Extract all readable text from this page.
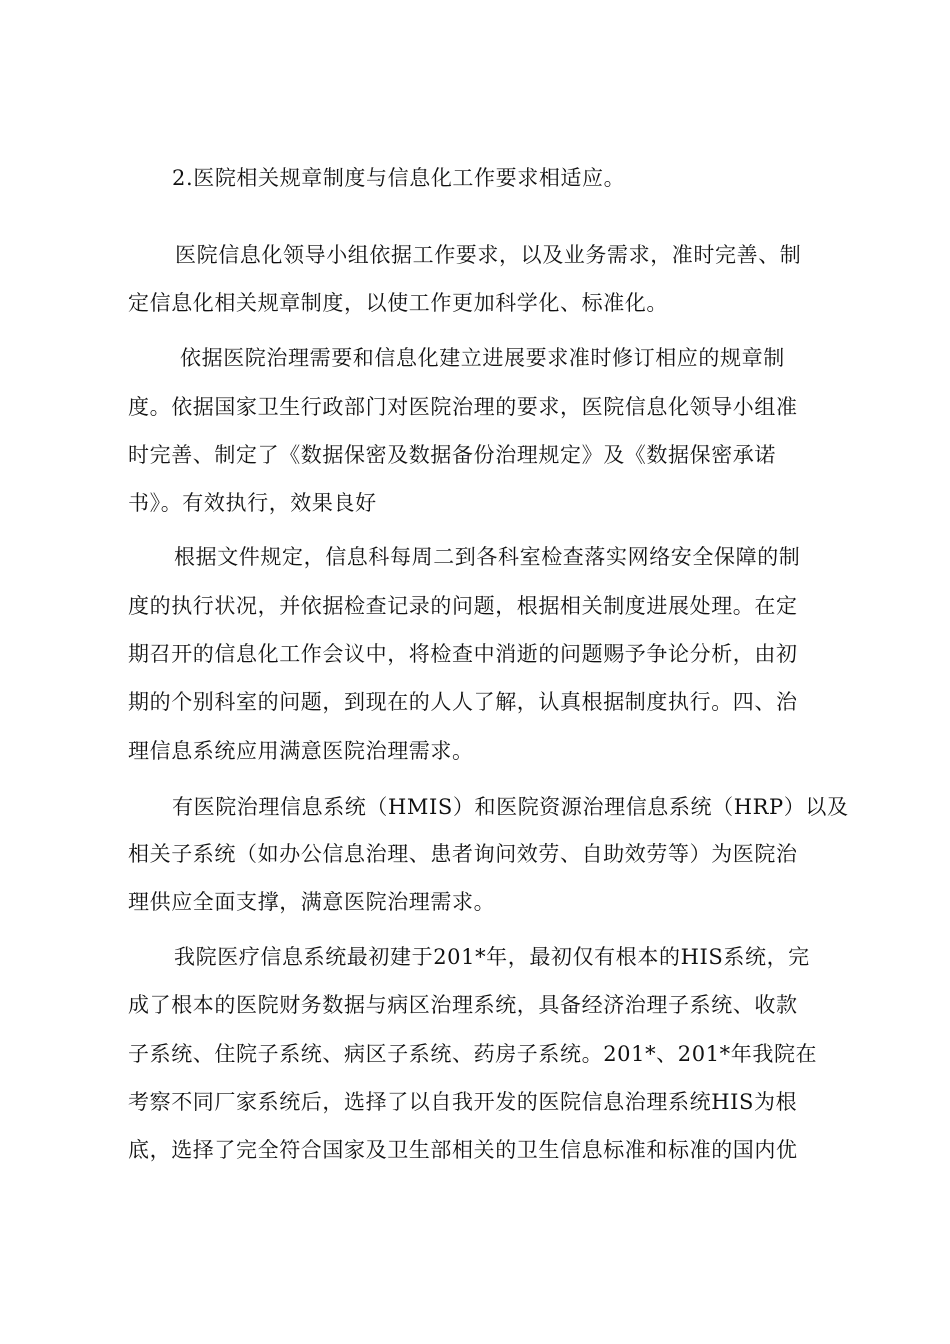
2.医院相关规章制度与信息化工作要求相适应。
医院信息化领导小组依据工作要求，以及业务需求，准时完善、制
定信息化相关规章制度，以使工作更加科学化、标准化。
依据医院治理需要和信息化建立进展要求准时修订相应的规章制
度。依据国家卫生行政部门对医院治理的要求，医院信息化领导小组准
时完善、制定了《数据保密及数据备份治理规定》及《数据保密承诺
书》。有效执行，效果良好
根据文件规定，信息科每周二到各科室检查落实网络安全保障的制
度的执行状况，并依据检查记录的问题，根据相关制度进展处理。在定
期召开的信息化工作会议中，将检查中消逝的问题赐予争论分析，由初
期的个别科室的问题，到现在的人人了解，认真根据制度执行。四、治
理信息系统应用满意医院治理需求。
有医院治理信息系统（HMIS）和医院资源治理信息系统（HRP）以及
相关子系统（如办公信息治理、患者询问效劳、自助效劳等）为医院治
理供应全面支撑，满意医院治理需求。
我院医疗信息系统最初建于201*年，最初仅有根本的HIS系统，完
成了根本的医院财务数据与病区治理系统，具备经济治理子系统、收款
子系统、住院子系统、病区子系统、药房子系统。201*、201*年我院在
考察不同厂家系统后，选择了以自我开发的医院信息治理系统HIS为根
底，选择了完全符合国家及卫生部相关的卫生信息标准和标准的国内优
